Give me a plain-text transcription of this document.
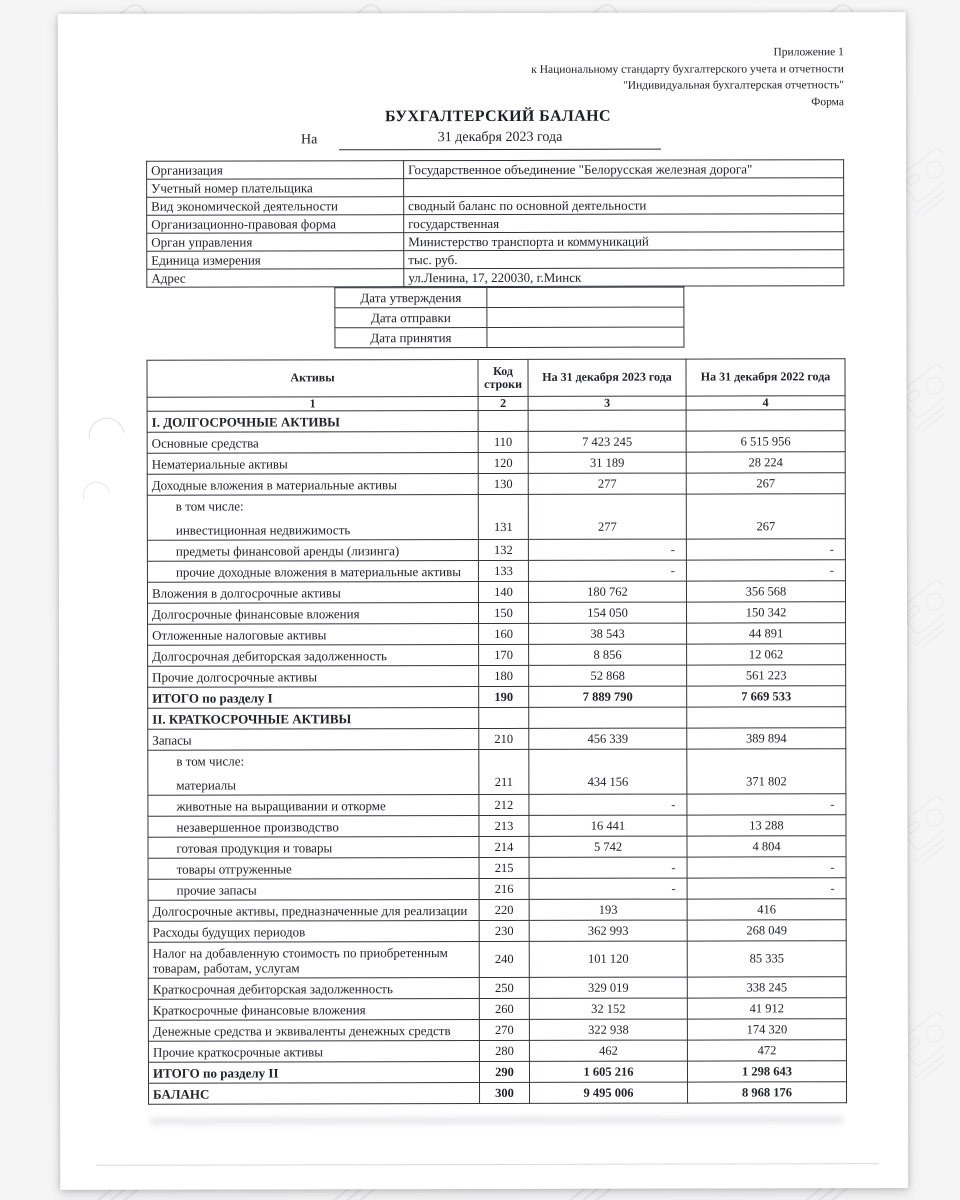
Приложение 1
к Национальному стандарту бухгалтерского учета и отчетности
"Индивидуальная бухгалтерская отчетность"
Форма
БУХГАЛТЕРСКИЙ БАЛАНС
На	31 декабря 2023 года
Организация	Государственное объединение "Белорусская железная дорога"
Учетный номер плательщика	
Вид экономической деятельности	сводный баланс по основной деятельности
Организационно-правовая форма	государственная
Орган управления	Министерство транспорта и коммуникаций
Единица измерения	тыс. руб.
Адрес	ул.Ленина, 17, 220030, г.Минск
Дата утверждения	
Дата отправки	
Дата принятия	
Активы	Код строки	На 31 декабря 2023 года	На 31 декабря 2022 года
1	2	3	4
I. ДОЛГОСРОЧНЫЕ АКТИВЫ			
Основные средства	110	7 423 245	6 515 956
Нематериальные активы	120	31 189	28 224
Доходные вложения в материальные активы	130	277	267

в том числе:
инвестиционная недвижимость	131	277	267
предметы финансовой аренды (лизинга)	132	-	-
прочие доходные вложения в материальные активы	133	-	-
Вложения в долгосрочные активы	140	180 762	356 568
Долгосрочные финансовые вложения	150	154 050	150 342
Отложенные налоговые активы	160	38 543	44 891
Долгосрочная дебиторская задолженность	170	8 856	12 062
Прочие долгосрочные активы	180	52 868	561 223
ИТОГО по разделу I	190	7 889 790	7 669 533
II. КРАТКОСРОЧНЫЕ АКТИВЫ			
Запасы	210	456 339	389 894

в том числе:
материалы	211	434 156	371 802
животные на выращивании и откорме	212	-	-
незавершенное производство	213	16 441	13 288
готовая продукция и товары	214	5 742	4 804
товары отгруженные	215	-	-
прочие запасы	216	-	-
Долгосрочные активы, предназначенные для реализации	220	193	416
Расходы будущих периодов	230	362 993	268 049
Налог на добавленную стоимость по приобретенным товарам, работам, услугам	240	101 120	85 335
Краткосрочная дебиторская задолженность	250	329 019	338 245
Краткосрочные финансовые вложения	260	32 152	41 912
Денежные средства и эквиваленты денежных средств	270	322 938	174 320
Прочие краткосрочные активы	280	462	472
ИТОГО по разделу II	290	1 605 216	1 298 643
БАЛАНС	300	9 495 006	8 968 176
